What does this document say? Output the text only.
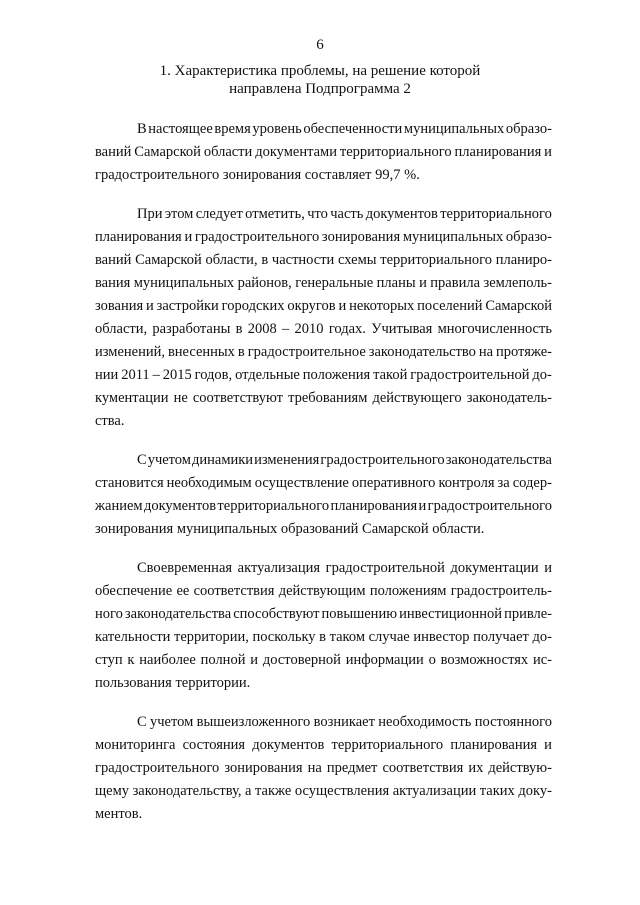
6
1. Характеристика проблемы, на решение которой
направлена Подпрограмма 2
В настоящее время уровень обеспеченности муниципальных образо-
ваний Самарской области документами территориального планирования и
градостроительного зонирования составляет 99,7 %.
При этом следует отметить, что часть документов территориального
планирования и градостроительного зонирования муниципальных образо-
ваний Самарской области, в частности схемы территориального планиро-
вания муниципальных районов, генеральные планы и правила землеполь-
зования и застройки городских округов и некоторых поселений Самарской
области, разработаны в 2008 – 2010 годах. Учитывая многочисленность
изменений, внесенных в градостроительное законодательство на протяже-
нии 2011 – 2015 годов, отдельные положения такой градостроительной до-
кументации не соответствуют требованиям действующего законодатель-
ства.
С учетом динамики изменения градостроительного законодательства
становится необходимым осуществление оперативного контроля за содер-
жанием документов территориального планирования и градостроительного
зонирования муниципальных образований Самарской области.
Своевременная актуализация градостроительной документации и
обеспечение ее соответствия действующим положениям градостроитель-
ного законодательства способствуют повышению инвестиционной привле-
кательности территории, поскольку в таком случае инвестор получает до-
ступ к наиболее полной и достоверной информации о возможностях ис-
пользования территории.
С учетом вышеизложенного возникает необходимость постоянного
мониторинга состояния документов территориального планирования и
градостроительного зонирования на предмет соответствия их действую-
щему законодательству, а также осуществления актуализации таких доку-
ментов.
